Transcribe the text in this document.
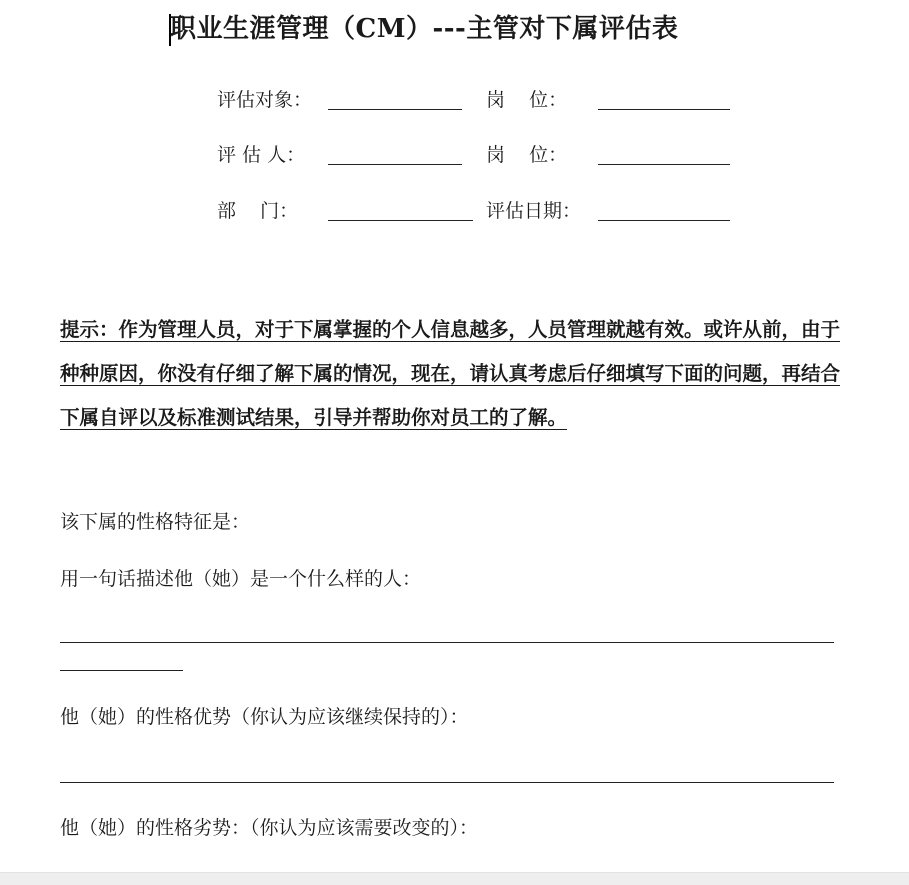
职业生涯管理（CM）---主管对下属评估表
评估对象：	岗    位：
评 估 人：	岗    位：
部    门：	评估日期：
提示：作为管理人员，对于下属掌握的个人信息越多，人员管理就越有效。或许从前，由于种种原因，你没有仔细了解下属的情况，现在，请认真考虑后仔细填写下面的问题，再结合下属自评以及标准测试结果，引导并帮助你对员工的了解。
该下属的性格特征是：
用一句话描述他（她）是一个什么样的人：
他（她）的性格优势（你认为应该继续保持的）：
他（她）的性格劣势：（你认为应该需要改变的）：
